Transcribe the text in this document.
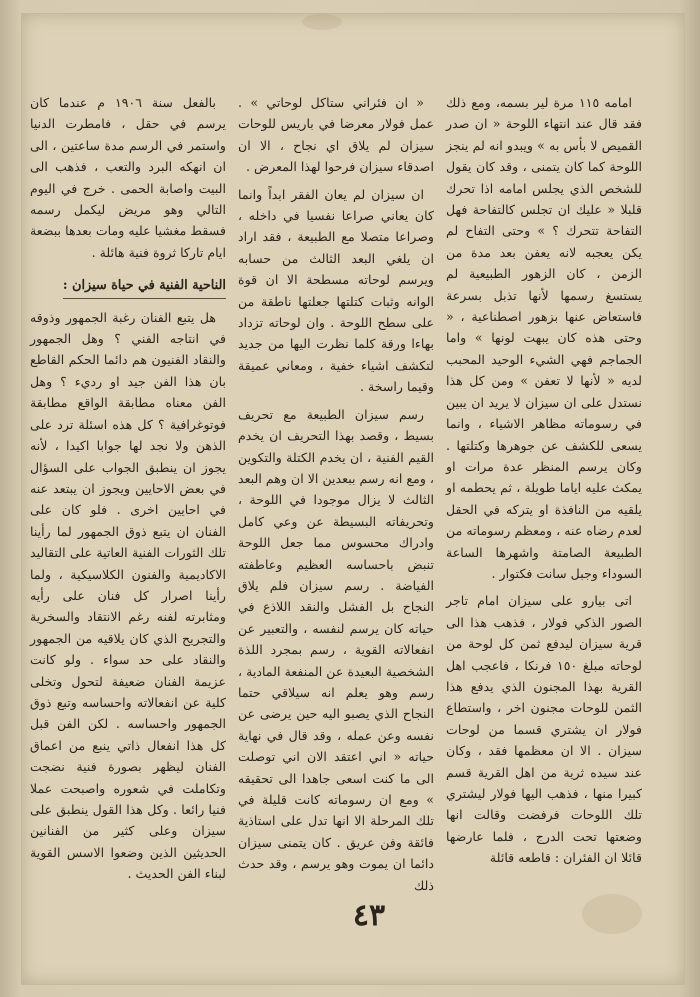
امامه ١١٥ مرة لير بسمه، ومع ذلك فقد قال عند انتهاء اللوحة « ان صدر القميص لا بأس به » ويبدو انه لم ينجز اللوحة كما كان يتمنى ، وقد كان يقول للشخص الذي يجلس امامه اذا تحرك قلبلا « عليك ان تجلس كالتفاحة فهل التفاحة تتحرك ؟ » وحتى التفاح لم يكن يعجبه لانه يعفن بعد مدة من الزمن ، كان الزهور الطبيعية لم يستسغ رسمها لأنها تذبل بسرعة فاستعاض عنها بزهور اصطناعية ، « وحتى هذه كان يبهت لونها » واما الجماجم فهي الشيء الوحيد المحبب لديه « لأنها لا تعفن » ومن كل هذا نستدل على ان سيزان لا يريد ان يبين في رسوماته مظاهر الاشياء ، وانما يسعى للكشف عن جوهرها وكتلتها . وكان يرسم المنظر عدة مرات او يمكث عليه اياما طويلة ، ثم يحطمه او يلقيه من النافذة او يتركه في الحقل لعدم رضاه عنه ، ومعظم رسوماته من الطبيعة الصامتة واشهرها الساعة السوداء وجبل سانت فكتوار .

اتى بيارو على سيزان امام تاجر الصور الذكي فولار ، فذهب هذا الى قرية سيزان ليدفع ثمن كل لوحة من لوحاته مبلغ ١٥٠ فرنكا ، فاعجب اهل القرية بهذا المجنون الذي يدفع هذا الثمن للوحات مجنون اخر ، واستطاع فولار ان يشتري قسما من لوحات سيزان . الا ان معظمها فقد ، وكان عند سيده ثرية من اهل القرية قسم كبيرا منها ، فذهب اليها فولار ليشتري تلك اللوحات فرفضت وقالت انها وضعتها تحت الدرج ، فلما عارضها قائلا ان الفئران : قاطعه قائلة

« ان فئراني ستاكل لوحاتي » . عمل فولار معرضا في باريس للوحات سيزان لم يلاق اي نجاح ، الا ان اصدقاء سيزان فرحوا لهذا المعرض .

ان سيزان لم يعان الفقر ابداً وانما كان يعاني صراعا نفسيا في داخله ، وصراعا متصلا مع الطبيعة ، فقد اراد ان يلغي البعد الثالث من حسابه ويرسم لوحاته مسطحة الا ان قوة الوانه وثبات كتلتها جعلتها ناطقة من على سطح اللوحة . وان لوحاته تزداد بهاءا ورقة كلما نظرت اليها من جديد لتكشف اشياء خفية ، ومعاني عميقة وقيما راسخة .

رسم سيزان الطبيعة مع تحريف بسيط ، وقصد بهذا التحريف ان يخدم القيم الفنية ، ان يخدم الكتلة والتكوين ، ومع انه رسم ببعدين الا ان وهم البعد الثالث لا يزال موجودا في اللوحة ، وتحريفاته البسيطة عن وعي كامل وادراك محسوس مما جعل اللوحة تنبض باحساسه العظيم وعاطفته الفياضة . رسم سيزان فلم يلاق النجاح بل الفشل والنقد اللاذع في حياته كان يرسم لنفسه ، والتعبير عن انفعالاته القوية ، رسم بمجرد اللذة الشخصية البعيدة عن المنفعة المادية ، رسم وهو يعلم انه سيلاقي حتما النجاح الذي يصبو اليه حين يرضى عن نفسه وعن عمله ، وقد قال في نهاية حياته « اني اعتقد الان اني توصلت الى ما كنت اسعى جاهدا الى تحقيقه » ومع ان رسوماته كانت قليلة في تلك المرحلة الا انها تدل على استاذية فائقة وفن عريق . كان يتمنى سيزان دائما ان يموت وهو يرسم ، وقد حدث ذلك

بالفعل سنة ١٩٠٦ م عندما كان يرسم في حقل ، فامطرت الدنيا واستمر في الرسم مدة ساعتين ، الى ان انهكه البرد والتعب ، فذهب الى البيت واصابة الحمى . خرج في اليوم التالي وهو مريض ليكمل رسمه فسقط مغشيا عليه ومات بعدها ببضعة ايام تاركا ثروة فنية هائلة .

الناحية الفنية في حياة سيزان :

هل يتبع الفنان رغبة الجمهور وذوقه في انتاجه الفني ؟ وهل الجمهور والنقاد الفنيون هم دائما الحكم القاطع بان هذا الفن جيد او رديء ؟ وهل الفن معناه مطابقة الواقع مطابقة فوتوغرافية ؟ كل هذه اسئلة ترد على الذهن ولا نجد لها جوابا اكيدا ، لأنه يجوز ان ينطبق الجواب على السؤال في بعض الاحايين ويجوز ان يبتعد عنه في احايين اخرى . فلو كان على الفنان ان يتبع ذوق الجمهور لما رأينا تلك الثورات الفنية العاتية على التقاليد الاكاديمية والفنون الكلاسيكية ، ولما رأينا اصرار كل فنان على رأيه ومثابرته لفنه رغم الانتقاد والسخرية والتجريح الذي كان يلاقيه من الجمهور والنقاد على حد سواء . ولو كانت عزيمة الفنان ضعيفة لتحول وتخلى كلية عن انفعالاته واحساسه وتبع ذوق الجمهور واحساسه . لكن الفن قبل كل هذا انفعال ذاتي ينبع من اعماق الفنان ليظهر بصورة فنية نضجت وتكاملت في شعوره واصبحت عملا فنيا رائعا . وكل هذا القول ينطبق على سيزان وعلى كثير من الفنانين الحديثين الذين وضعوا الاسس القوية لبناء الفن الحديث .

٤٣
